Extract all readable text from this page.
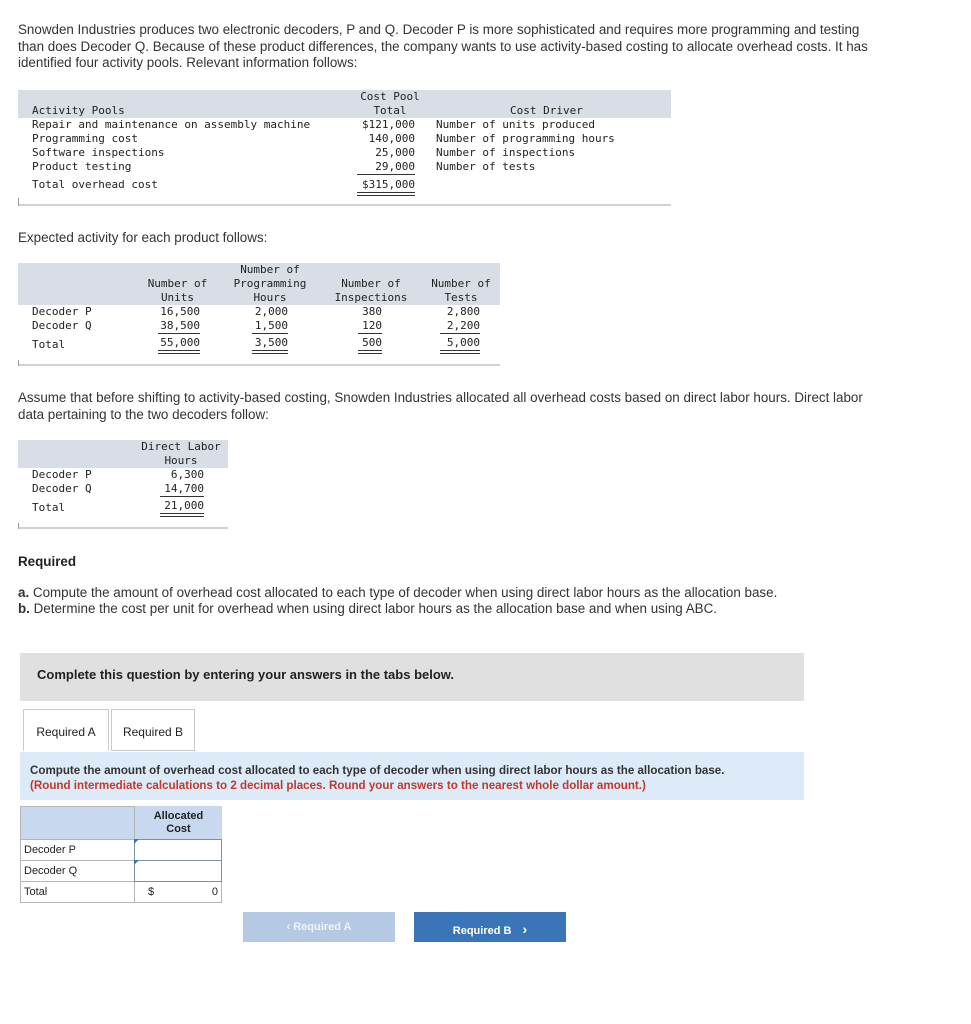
Snowden Industries produces two electronic decoders, P and Q. Decoder P is more sophisticated and requires more programming and testing than does Decoder Q. Because of these product differences, the company wants to use activity-based costing to allocate overhead costs. It has identified four activity pools. Relevant information follows:
Activity Pools
Cost Pool
Total	Cost Driver
Repair and maintenance on assembly machine	$121,000 Number of units produced
Programming cost	140,000 Number of programming hours
Software inspections	25,000 Number of inspections
Product testing	29,000 Number of tests
Total overhead cost	$315,000
Expected activity for each product follows:
Number of
Units
Number of
Programming
Hours
Number of
Inspections
Number of
Tests
Decoder P	16,500	2,000	380	2,800
Decoder Q	38,500	1,500	120	2,200
Total	55,000	3,500	500	5,000
Assume that before shifting to activity-based costing, Snowden Industries allocated all overhead costs based on direct labor hours. Direct labor data pertaining to the two decoders follow:
Direct Labor
Hours
Decoder P	6,300
Decoder Q	14,700
Total	21,000
Required
a. Compute the amount of overhead cost allocated to each type of decoder when using direct labor hours as the allocation base.
b. Determine the cost per unit for overhead when using direct labor hours as the allocation base and when using ABC.
Complete this question by entering your answers in the tabs below.
Required A	Required B
Compute the amount of overhead cost allocated to each type of decoder when using direct labor hours as the allocation base.
(Round intermediate calculations to 2 decimal places. Round your answers to the nearest whole dollar amount.)
Allocated
Cost
Decoder P
Decoder Q
Total	$	0
‹ Required A	Required B ›
